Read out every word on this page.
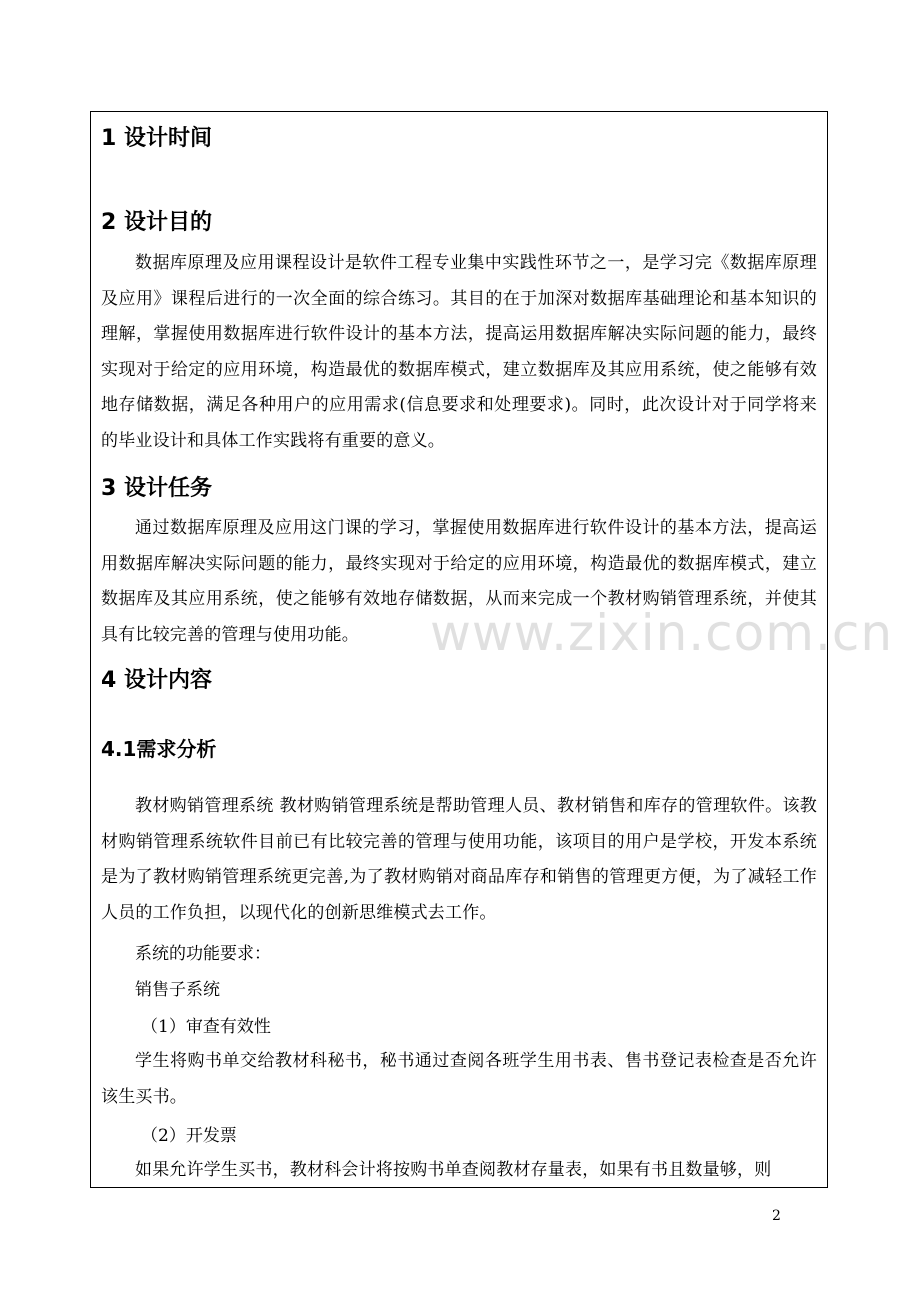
1 设计时间
2 设计目的
数据库原理及应用课程设计是软件工程专业集中实践性环节之一，是学习完《数据库原理及应用》课程后进行的一次全面的综合练习。其目的在于加深对数据库基础理论和基本知识的理解，掌握使用数据库进行软件设计的基本方法，提高运用数据库解决实际问题的能力，最终实现对于给定的应用环境，构造最优的数据库模式，建立数据库及其应用系统，使之能够有效地存储数据，满足各种用户的应用需求(信息要求和处理要求)。同时，此次设计对于同学将来的毕业设计和具体工作实践将有重要的意义。
3 设计任务
通过数据库原理及应用这门课的学习，掌握使用数据库进行软件设计的基本方法，提高运用数据库解决实际问题的能力，最终实现对于给定的应用环境，构造最优的数据库模式，建立数据库及其应用系统，使之能够有效地存储数据，从而来完成一个教材购销管理系统，并使其具有比较完善的管理与使用功能。
4 设计内容
4.1需求分析
教材购销管理系统 教材购销管理系统是帮助管理人员、教材销售和库存的管理软件。该教材购销管理系统软件目前已有比较完善的管理与使用功能，该项目的用户是学校，开发本系统是为了教材购销管理系统更完善,为了教材购销对商品库存和销售的管理更方便，为了减轻工作人员的工作负担，以现代化的创新思维模式去工作。
系统的功能要求：
销售子系统
（1）审查有效性
学生将购书单交给教材科秘书，秘书通过查阅各班学生用书表、售书登记表检查是否允许该生买书。
（2）开发票
如果允许学生买书，教材科会计将按购书单查阅教材存量表，如果有书且数量够，则
www.zixin.com.cn
2
